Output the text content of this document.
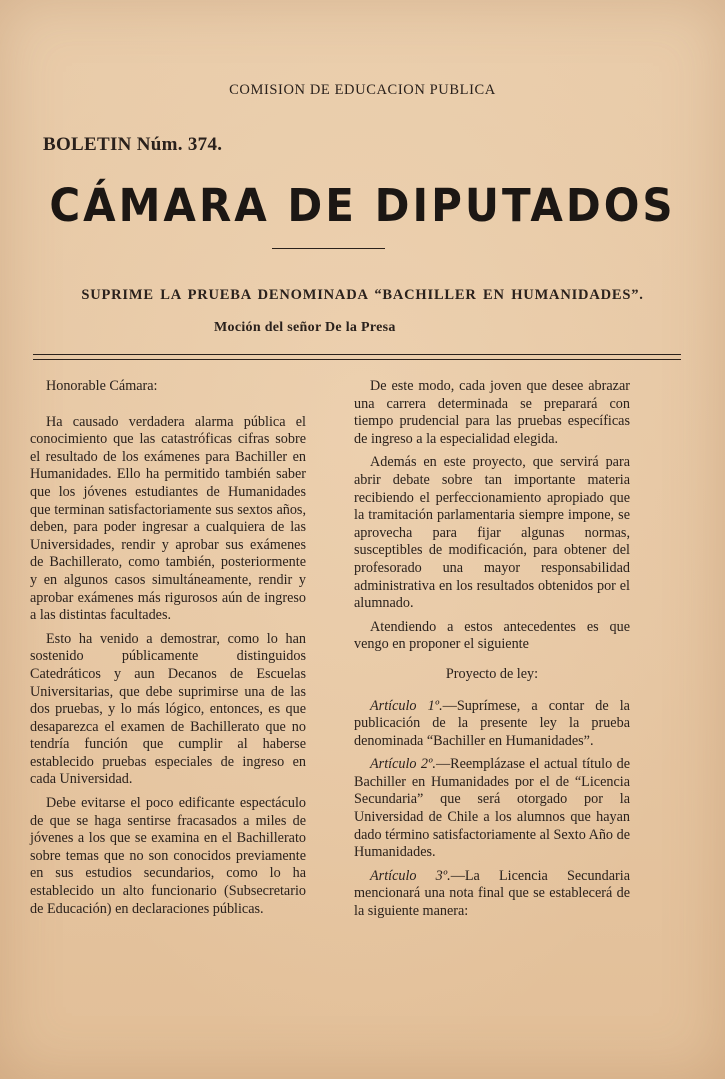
COMISION DE EDUCACION PUBLICA
BOLETIN Núm. 374.
CÁMARA DE DIPUTADOS
SUPRIME LA PRUEBA DENOMINADA “BACHILLER EN HUMANIDADES”.
Moción del señor De la Presa

Honorable Cámara:

Ha causado verdadera alarma pública el conocimiento que las catastróficas cifras sobre el resultado de los exámenes para Bachiller en Humanidades. Ello ha permitido también saber que los jóvenes estudiantes de Humanidades que terminan satisfactoriamente sus sextos años, deben, para poder ingresar a cualquiera de las Universidades, rendir y aprobar sus exámenes de Bachillerato, como también, posteriormente y en algunos casos simultáneamente, rendir y aprobar exámenes más rigurosos aún de ingreso a las distintas facultades.

Esto ha venido a demostrar, como lo han sostenido públicamente distinguidos Catedráticos y aun Decanos de Escuelas Universitarias, que debe suprimirse una de las dos pruebas, y lo más lógico, entonces, es que desaparezca el examen de Bachillerato que no tendría función que cumplir al haberse establecido pruebas especiales de ingreso en cada Universidad.

Debe evitarse el poco edificante espectáculo de que se haga sentirse fracasados a miles de jóvenes a los que se examina en el Bachillerato sobre temas que no son conocidos previamente en sus estudios secundarios, como lo ha establecido un alto funcionario (Subsecretario de Educación) en declaraciones públicas.

De este modo, cada joven que desee abrazar una carrera determinada se preparará con tiempo prudencial para las pruebas específicas de ingreso a la especialidad elegida.

Además en este proyecto, que servirá para abrir debate sobre tan importante materia recibiendo el perfeccionamiento apropiado que la tramitación parlamentaria siempre impone, se aprovecha para fijar algunas normas, susceptibles de modificación, para obtener del profesorado una mayor responsabilidad administrativa en los resultados obtenidos por el alumnado.

Atendiendo a estos antecedentes es que vengo en proponer el siguiente

Proyecto de ley:

Artículo 1º.—Suprímese, a contar de la publicación de la presente ley la prueba denominada “Bachiller en Humanidades”.

Artículo 2º.—Reemplázase el actual título de Bachiller en Humanidades por el de “Licencia Secundaria” que será otorgado por la Universidad de Chile a los alumnos que hayan dado término satisfactoriamente al Sexto Año de Humanidades.

Artículo 3º.—La Licencia Secundaria mencionará una nota final que se establecerá de la siguiente manera:
